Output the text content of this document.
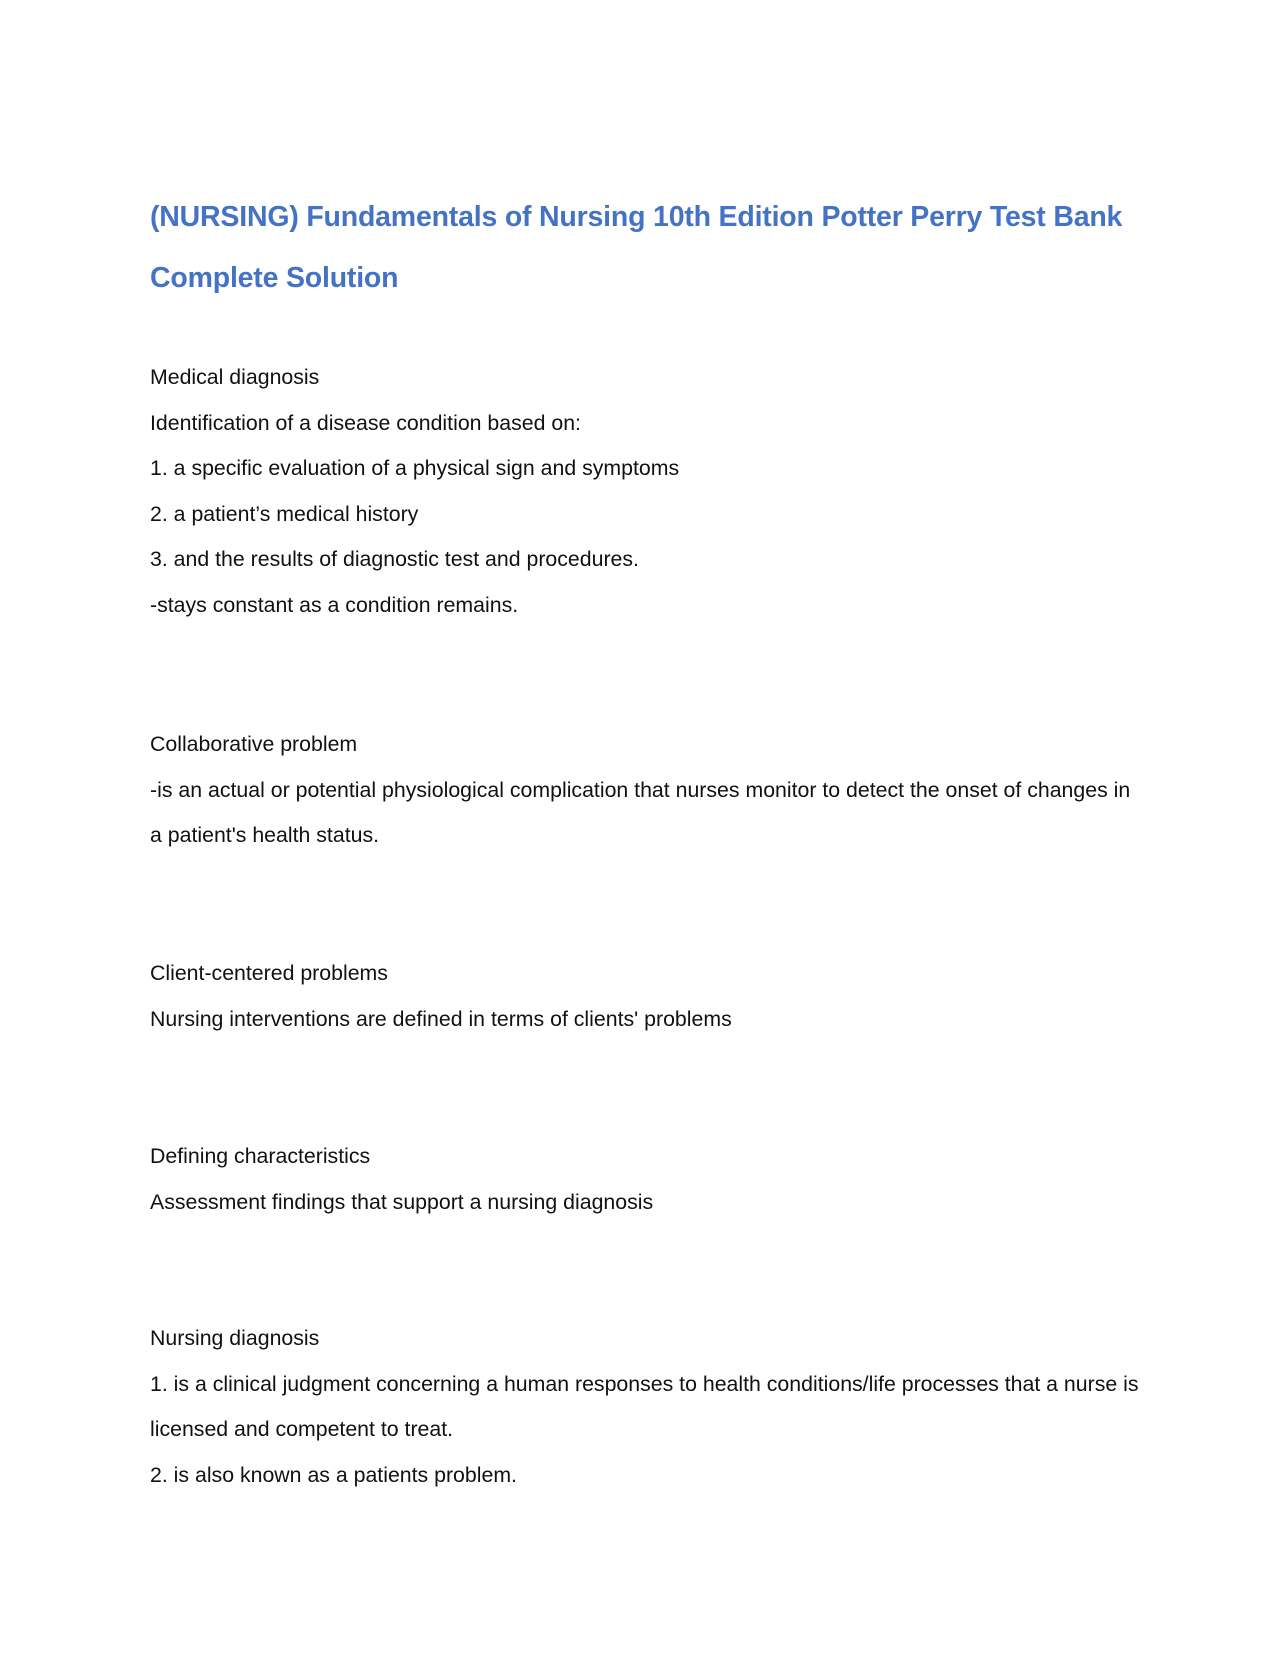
(NURSING) Fundamentals of Nursing 10th Edition Potter Perry Test Bank Complete Solution

Medical diagnosis

Identification of a disease condition based on:

1. a specific evaluation of a physical sign and symptoms

2. a patient’s medical history

3. and the results of diagnostic test and procedures.

-stays constant as a condition remains.

Collaborative problem

-is an actual or potential physiological complication that nurses monitor to detect the onset of changes in a patient's health status.

Client-centered problems

Nursing interventions are defined in terms of clients' problems

Defining characteristics

Assessment findings that support a nursing diagnosis

Nursing diagnosis

1. is a clinical judgment concerning a human responses to health conditions/life processes that a nurse is licensed and competent to treat.

2. is also known as a patients problem.
